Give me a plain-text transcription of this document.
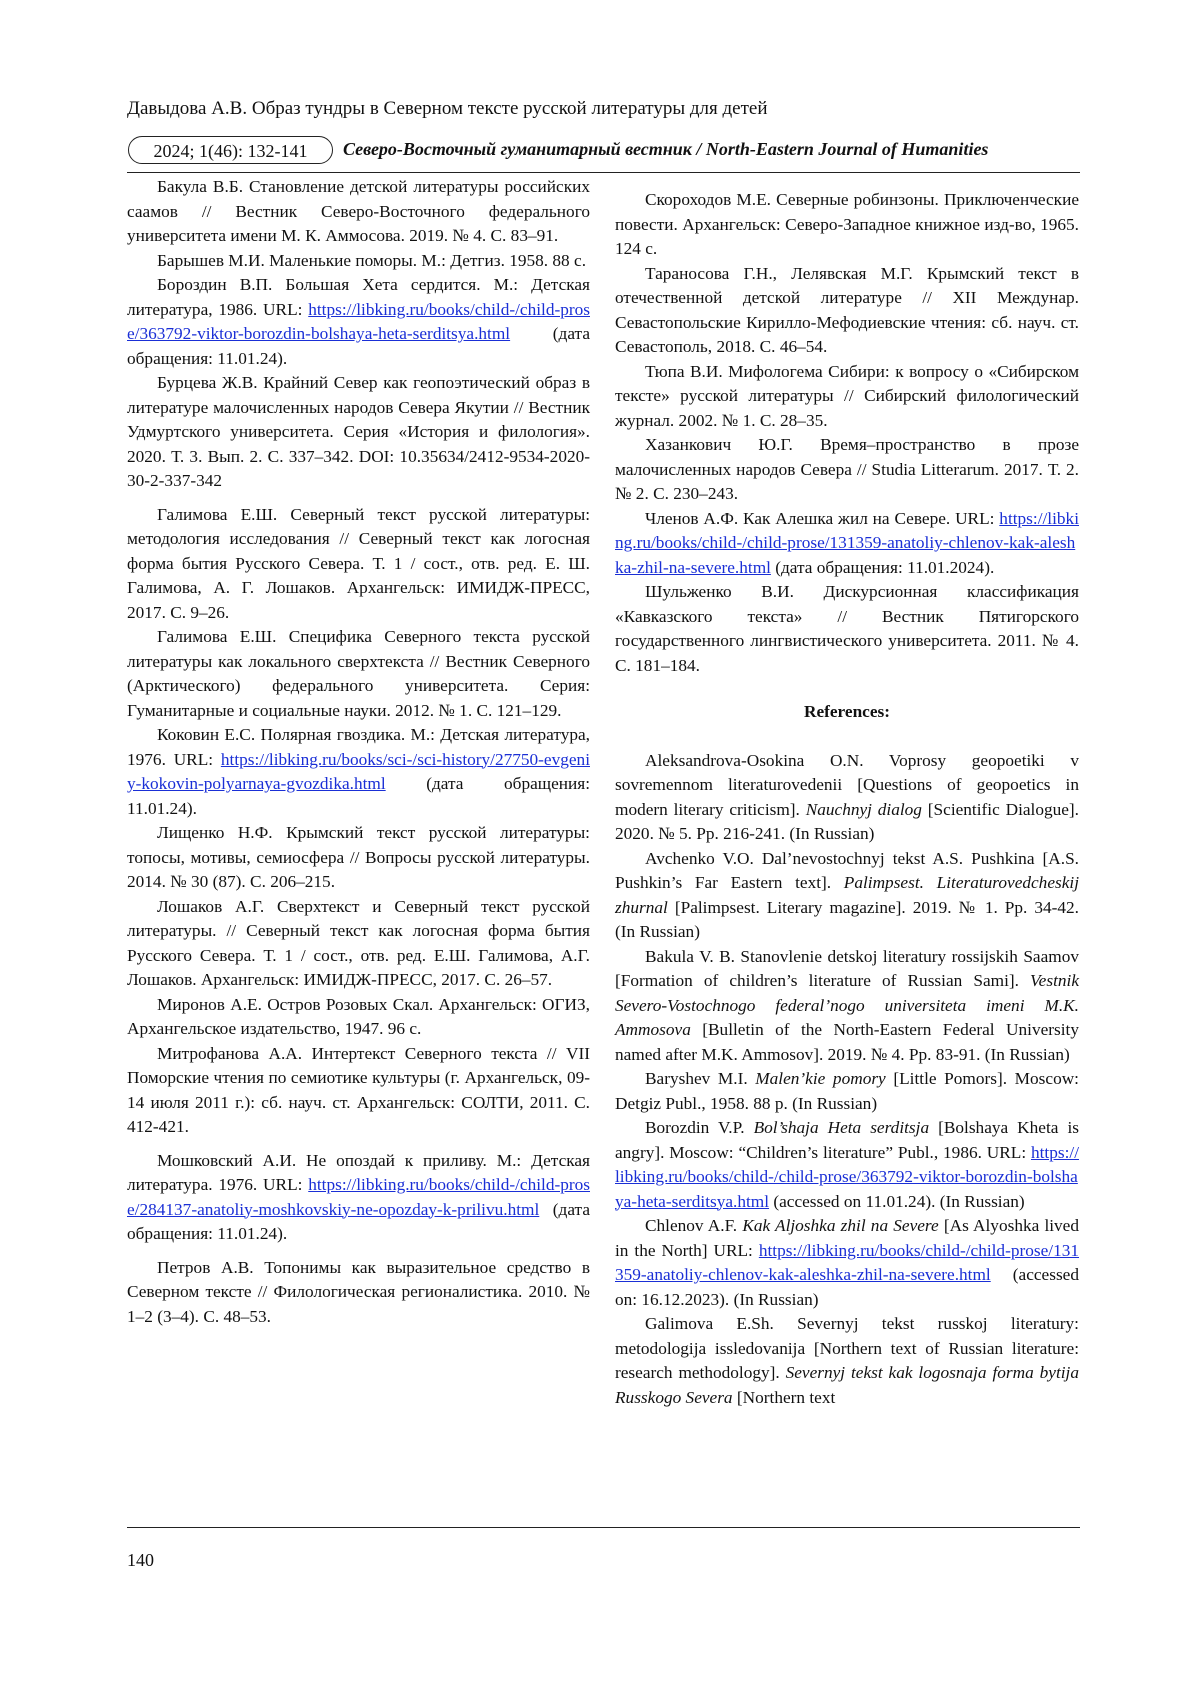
Давыдова А.В. Образ тундры в Северном тексте русской литературы для детей
2024; 1(46): 132-141	Северо-Восточный гуманитарный вестник / North-Eastern Journal of Humanities

Бакула В.Б. Становление детской литературы российских саамов // Вестник Северо-Восточного федерального университета имени М. К. Аммосова. 2019. № 4. С. 83–91.

Барышев М.И. Маленькие поморы. М.: Детгиз. 1958. 88 с.

Бороздин В.П. Большая Хета сердится. М.: Детская литература, 1986. URL: https://libking.ru/books/child-/child-prose/363792-viktor-borozdin-bolshaya-heta-serditsya.html (дата обращения: 11.01.24).

Бурцева Ж.В. Крайний Север как геопоэтический образ в литературе малочисленных народов Севера Якутии // Вестник Удмуртского университета. Серия «История и филология». 2020. Т. 3. Вып. 2. С. 337–342. DOI: 10.35634/2412-9534-2020-30-2-337-342

Галимова Е.Ш. Северный текст русской литературы: методология исследования // Северный текст как логосная форма бытия Русского Севера. Т. 1 / сост., отв. ред. Е. Ш. Галимова, А. Г. Лошаков. Архангельск: ИМИДЖ-ПРЕСС, 2017. С. 9–26.

Галимова Е.Ш. Специфика Северного текста русской литературы как локального сверхтекста // Вестник Северного (Арктического) федерального университета. Серия: Гуманитарные и социальные науки. 2012. № 1. С. 121–129.

Коковин Е.С. Полярная гвоздика. М.: Детская литература, 1976. URL: https://libking.ru/books/sci-/sci-history/27750-evgeniy-kokovin-polyarnaya-gvozdika.html (дата обращения: 11.01.24).

Лищенко Н.Ф. Крымский текст русской литературы: топосы, мотивы, семиосфера // Вопросы русской литературы. 2014. № 30 (87). С. 206–215.

Лошаков А.Г. Сверхтекст и Северный текст русской литературы. // Северный текст как логосная форма бытия Русского Севера. Т. 1 / сост., отв. ред. Е.Ш. Галимова, А.Г. Лошаков. Архангельск: ИМИДЖ-ПРЕСС, 2017. С. 26–57.

Миронов А.Е. Остров Розовых Скал. Архангельск: ОГИЗ, Архангельское издательство, 1947. 96 с.

Митрофанова А.А. Интертекст Северного текста // VII Поморские чтения по семиотике культуры (г. Архангельск, 09-14 июля 2011 г.): сб. науч. ст. Архангельск: СОЛТИ, 2011. С. 412-421.

Мошковский А.И. Не опоздай к приливу. М.: Детская литература. 1976. URL: https://libking.ru/books/child-/child-prose/284137-anatoliy-moshkovskiy-ne-opozday-k-prilivu.html (дата обращения: 11.01.24).

Петров А.В. Топонимы как выразительное средство в Северном тексте // Филологическая регионалистика. 2010. № 1–2 (3–4). С. 48–53.

Скороходов М.Е. Северные робинзоны. Приключенческие повести. Архангельск: Северо-Западное книжное изд-во, 1965. 124 с.

Тараносова Г.Н., Лелявская М.Г. Крымский текст в отечественной детской литературе // XII Междунар. Севастопольские Кирилло-Мефодиевские чтения: сб. науч. ст. Севастополь, 2018. С. 46–54.

Тюпа В.И. Мифологема Сибири: к вопросу о «Сибирском тексте» русской литературы // Сибирский филологический журнал. 2002. № 1. С. 28–35.

Хазанкович Ю.Г. Время–пространство в прозе малочисленных народов Севера // Studia Litterarum. 2017. Т. 2. № 2. С. 230–243.

Членов А.Ф. Как Алешка жил на Севере. URL: https://libking.ru/books/child-/child-prose/131359-anatoliy-chlenov-kak-aleshka-zhil-na-severe.html (дата обращения: 11.01.2024).

Шульженко В.И. Дискурсионная классификация «Кавказского текста» // Вестник Пятигорского государственного лингвистического университета. 2011. № 4. С. 181–184.

References:

Aleksandrova-Osokina O.N. Voprosy geopoetiki v sovremennom literaturovedenii [Questions of geopoetics in modern literary criticism]. Nauchnyj dialog [Scientific Dialogue]. 2020. № 5. Pp. 216-241. (In Russian)

Avchenko V.O. Dal’nevostochnyj tekst A.S. Pushkina [A.S. Pushkin’s Far Eastern text]. Palimpsest. Literaturovedcheskij zhurnal [Palimpsest. Literary magazine]. 2019. № 1. Pp. 34-42. (In Russian)

Bakula V. B. Stanovlenie detskoj literatury rossijskih Saamov [Formation of children’s literature of Russian Sami]. Vestnik Severo-Vostochnogo federal’nogo universiteta imeni M.K. Ammosova [Bulletin of the North-Eastern Federal University named after M.K. Ammosov]. 2019. № 4. Pp. 83-91. (In Russian)

Baryshev M.I. Malen’kie pomory [Little Pomors]. Moscow: Detgiz Publ., 1958. 88 p. (In Russian)

Borozdin V.P. Bol’shaja Heta serditsja [Bolshaya Kheta is angry]. Moscow: “Children’s literature” Publ., 1986. URL: https://libking.ru/books/child-/child-prose/363792-viktor-borozdin-bolshaya-heta-serditsya.html (accessed on 11.01.24). (In Russian)

Chlenov A.F. Kak Aljoshka zhil na Severe [As Alyoshka lived in the North] URL: https://libking.ru/books/child-/child-prose/131359-anatoliy-chlenov-kak-aleshka-zhil-na-severe.html (accessed on: 16.12.2023). (In Russian)

Galimova E.Sh. Severnyj tekst russkoj literatury: metodologija issledovanija [Northern text of Russian literature: research methodology]. Severnyj tekst kak logosnaja forma bytija Russkogo Severa [Northern text

140
